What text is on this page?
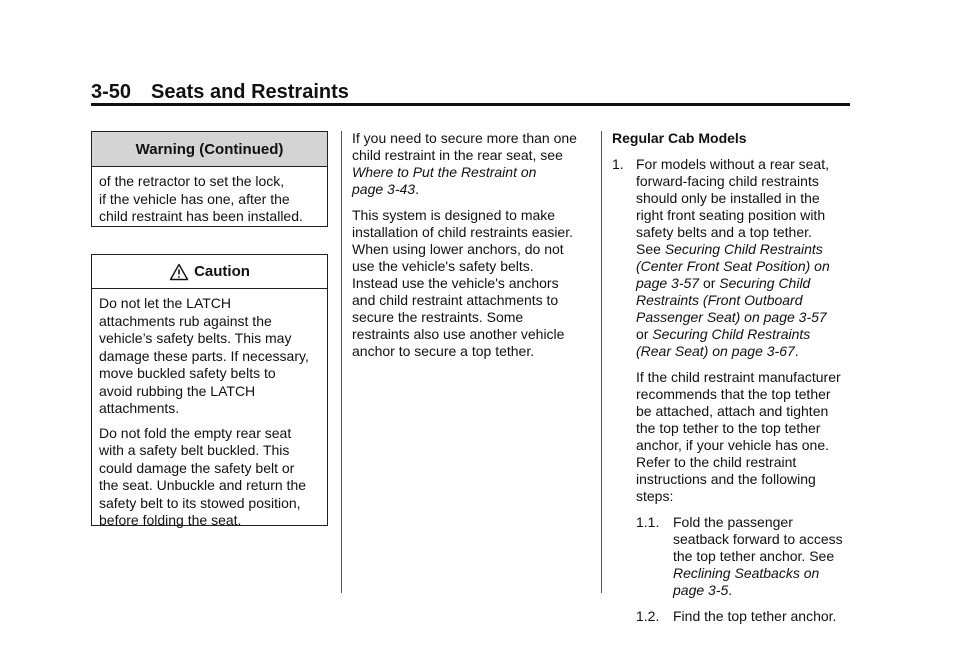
3-50 Seats and Restraints
Warning (Continued)
of the retractor to set the lock,
if the vehicle has one, after the
child restraint has been installed.
Caution

Do not let the LATCH
attachments rub against the
vehicle’s safety belts. This may
damage these parts. If necessary,
move buckled safety belts to
avoid rubbing the LATCH
attachments.

Do not fold the empty rear seat
with a safety belt buckled. This
could damage the safety belt or
the seat. Unbuckle and return the
safety belt to its stowed position,
before folding the seat.

If you need to secure more than one
child restraint in the rear seat, see
Where to Put the Restraint on
page 3-43.

This system is designed to make
installation of child restraints easier.
When using lower anchors, do not
use the vehicle's safety belts.
Instead use the vehicle's anchors
and child restraint attachments to
secure the restraints. Some
restraints also use another vehicle
anchor to secure a top tether.

Regular Cab Models
1. For models without a rear seat,
forward-facing child restraints
should only be installed in the
right front seating position with
safety belts and a top tether.
See Securing Child Restraints
(Center Front Seat Position) on
page 3-57 or Securing Child
Restraints (Front Outboard
Passenger Seat) on page 3-57
or Securing Child Restraints
(Rear Seat) on page 3-67.
If the child restraint manufacturer
recommends that the top tether
be attached, attach and tighten
the top tether to the top tether
anchor, if your vehicle has one.
Refer to the child restraint
instructions and the following
steps:
1.1. Fold the passenger
seatback forward to access
the top tether anchor. See
Reclining Seatbacks on
page 3-5.
1.2. Find the top tether anchor.
